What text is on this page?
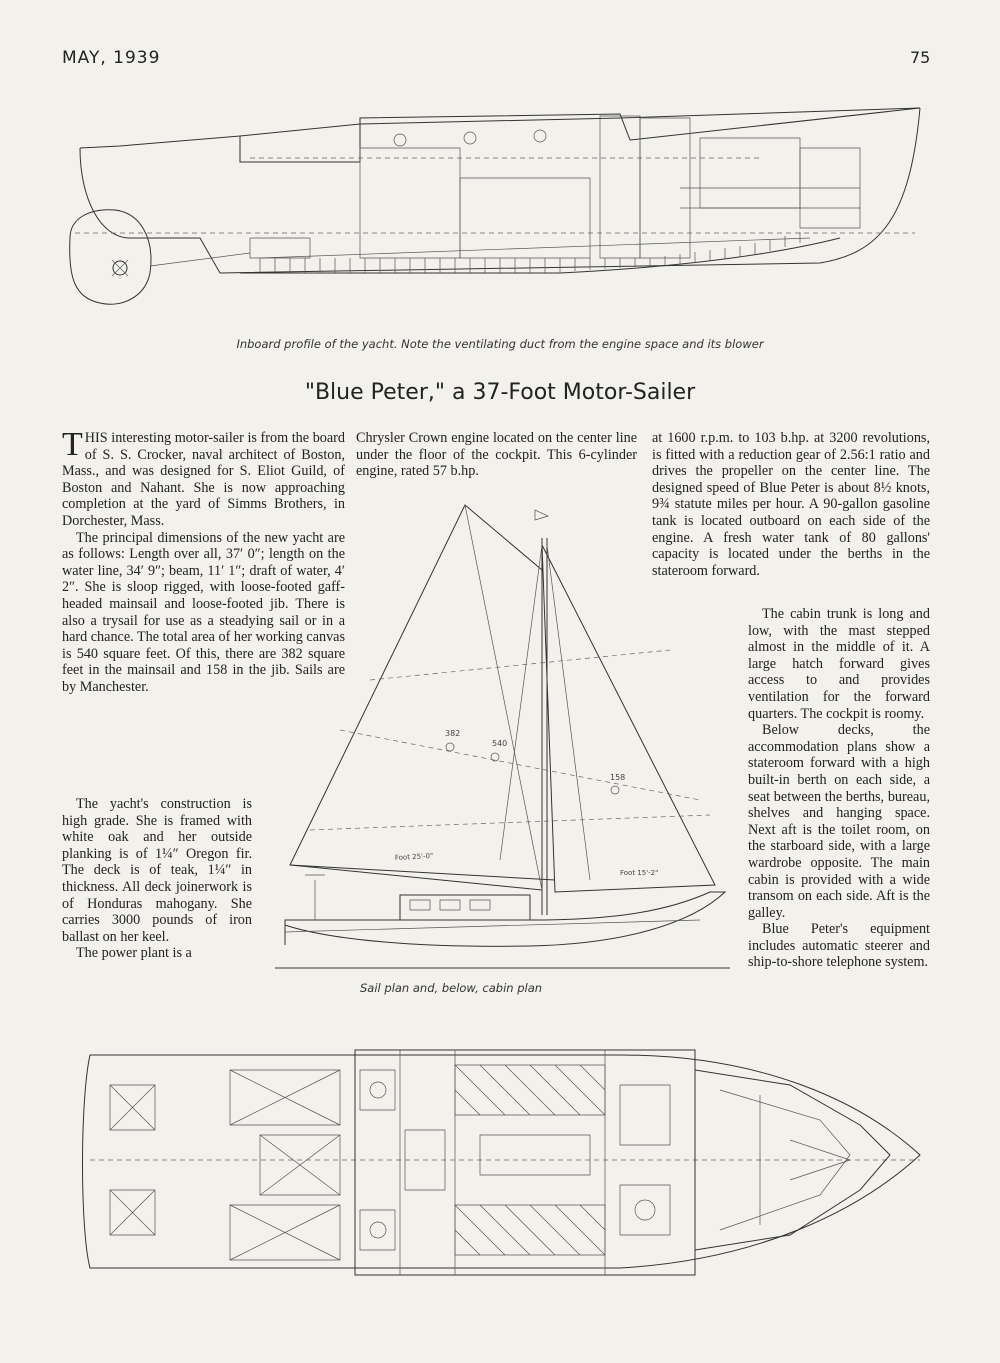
MAY, 1939	75
Inboard profile of the yacht. Note the ventilating duct from the engine space and its blower
"Blue Peter," a 37-Foot Motor-Sailer

THIS interesting motor-sailer is from the board of S. S. Crocker, naval architect of Boston, Mass., and was designed for S. Eliot Guild, of Boston and Nahant. She is now approaching completion at the yard of Simms Brothers, in Dorchester, Mass.

The principal dimensions of the new yacht are as follows: Length over all, 37′ 0″; length on the water line, 34′ 9″; beam, 11′ 1″; draft of water, 4′ 2″. She is sloop rigged, with loose-footed gaff-headed mainsail and loose-footed jib. There is also a trysail for use as a steadying sail or in a hard chance. The total area of her working canvas is 540 square feet. Of this, there are 382 square feet in the mainsail and 158 in the jib. Sails are by Manchester.

The yacht's construction is high grade. She is framed with white oak and her outside planking is of 1¼″ Oregon fir. The deck is of teak, 1¼″ in thickness. All deck joinerwork is of Honduras mahogany. She carries 3000 pounds of iron ballast on her keel.

The power plant is a

Chrysler Crown engine located on the center line under the floor of the cockpit. This 6-cylinder engine, rated 57 b.hp.

at 1600 r.p.m. to 103 b.hp. at 3200 revolutions, is fitted with a reduction gear of 2.56:1 ratio and drives the propeller on the center line. The designed speed of Blue Peter is about 8½ knots, 9¾ statute miles per hour. A 90-gallon gasoline tank is located outboard on each side of the engine. A fresh water tank of 80 gallons' capacity is located under the berths in the stateroom forward.

The cabin trunk is long and low, with the mast stepped almost in the middle of it. A large hatch forward gives access to and provides ventilation for the forward quarters. The cockpit is roomy.

Below decks, the accommodation plans show a stateroom forward with a high built-in berth on each side, a seat between the berths, bureau, shelves and hanging space. Next aft is the toilet room, on the starboard side, with a large wardrobe opposite. The main cabin is provided with a wide transom on each side. Aft is the galley.

Blue Peter's equipment includes automatic steerer and ship-to-shore telephone system.

382
540
158
Foot 25'-0"
Foot 15'-2"
Sail plan and, below, cabin plan
